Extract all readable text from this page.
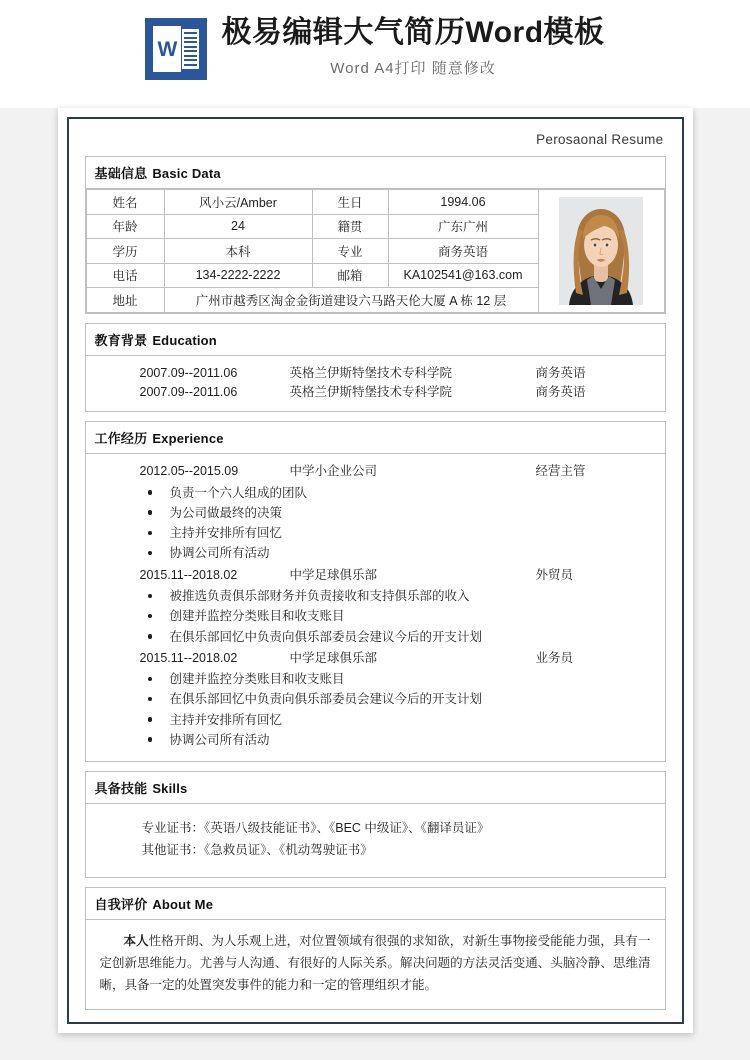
W 极易编辑大气简历Word模板
Word A4打印 随意修改
Perosaonal Resume
基础信息 Basic Data
姓名	风小云/Amber	生日	1994.06	

年龄	24	籍贯	广东广州	
学历	本科	专业	商务英语	
电话	134-2222-2222	邮箱	KA102541@163.com	
地址	广州市越秀区淘金金街道建设六马路天伦大厦 A 栋 12 层			
教育背景 Education
2007.09--2011.06	英格兰伊斯特堡技术专科学院	商务英语
2007.09--2011.06	英格兰伊斯特堡技术专科学院	商务英语
工作经历 Experience
2012.05--2015.09	中学小企业公司	经营主管
负责一个六人组成的团队
为公司做最终的决策
主持并安排所有回忆
协调公司所有活动
2015.11--2018.02	中学足球俱乐部	外贸员
被推选负责俱乐部财务并负责接收和支持俱乐部的收入
创建并监控分类账目和收支账目
在俱乐部回忆中负责向俱乐部委员会建议今后的开支计划
2015.11--2018.02	中学足球俱乐部	业务员
创建并监控分类账目和收支账目
在俱乐部回忆中负责向俱乐部委员会建议今后的开支计划
主持并安排所有回忆
协调公司所有活动
具备技能 Skills
专业证书：《英语八级技能证书》、《BEC 中级证》、《翻译员证》
其他证书：《急救员证》、《机动驾驶证书》
自我评价 About Me

本人性格开朗、为人乐观上进，对位置领域有很强的求知欲，对新生事物接受能能力强，具有一定创新思维能力。尤善与人沟通、有很好的人际关系。解决问题的方法灵活变通、头脑冷静、思维清晰，具备一定的处置突发事件的能力和一定的管理组织才能。
